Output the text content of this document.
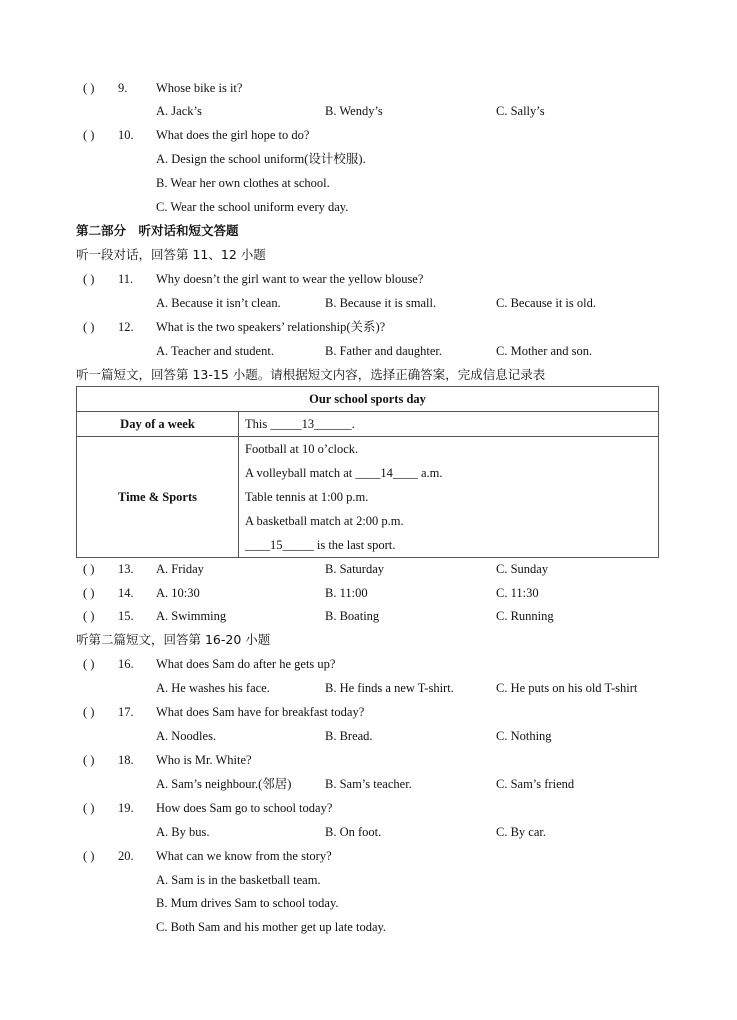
( ) 9. Whose bike is it?
A. Jack’s	B. Wendy’s	C. Sally’s
( ) 10. What does the girl hope to do?
A. Design the school uniform(设计校服).
B. Wear her own clothes at school.
C. Wear the school uniform every day.
第二部分　听对话和短文答题
听一段对话，回答第 11、12 小题
( ) 11. Why doesn’t the girl want to wear the yellow blouse?
A. Because it isn’t clean.	B. Because it is small.	C. Because it is old.
( ) 12. What is the two speakers’ relationship(关系)?
A. Teacher and student.	B. Father and daughter.	C. Mother and son.
听一篇短文，回答第 13-15 小题。请根据短文内容，选择正确答案，完成信息记录表
Our school sports day	
Day of a week	This _____13______.
Time & Sports	Football at 10 o’clock.
A volleyball match at ____14____ a.m.
Table tennis at 1:00 p.m.
A basketball match at 2:00 p.m.
____15_____ is the last sport.
( ) 13. A. Friday	B. Saturday	C. Sunday
( ) 14. A. 10:30	B. 11:00	C. 11:30
( ) 15. A. Swimming	B. Boating	C. Running
听第二篇短文，回答第 16-20 小题
( ) 16. What does Sam do after he gets up?
A. He washes his face.	B. He finds a new T-shirt.	C. He puts on his old T-shirt
( ) 17. What does Sam have for breakfast today?
A. Noodles.	B. Bread.	C. Nothing
( ) 18. Who is Mr. White?
A. Sam’s neighbour.(邻居)	B. Sam’s teacher.	C. Sam’s friend
( ) 19. How does Sam go to school today?
A. By bus.	B. On foot.	C. By car.
( ) 20. What can we know from the story?
A. Sam is in the basketball team.
B. Mum drives Sam to school today.
C. Both Sam and his mother get up late today.
